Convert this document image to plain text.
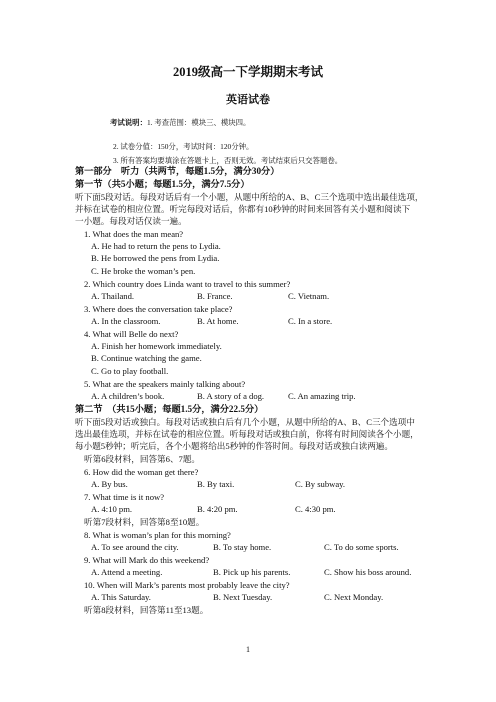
2019级高一下学期期末考试
英语试卷
考试说明：1. 考查范围：模块三、模块四。
2. 试卷分值：150分，考试时间：120分钟。
3. 所有答案均要填涂在答题卡上，否则无效。考试结束后只交答题卷。
第一部分　听力（共两节，每题1.5分，满分30分）
第一节（共5小题；每题1.5分，满分7.5分）
听下面5段对话。每段对话后有一个小题，从题中所给的A、B、C三个选项中选出最佳选项，
并标在试卷的相应位置。听完每段对话后，你都有10秒钟的时间来回答有关小题和阅读下
一小题。每段对话仅读一遍。
1. What does the man mean?
A. He had to return the pens to Lydia.
B. He borrowed the pens from Lydia.
C. He broke the woman’s pen.
2. Which country does Linda want to travel to this summer?
A. Thailand.	B. France.	C. Vietnam.
3. Where does the conversation take place?
A. In the classroom.	B. At home.	C. In a store.
4. What will Belle do next?
A. Finish her homework immediately.
B. Continue watching the game.
C. Go to play football.
5. What are the speakers mainly talking about?
A. A children’s book.	B. A story of a dog.	C. An amazing trip.
第二节　（共15小题；每题1.5分，满分22.5分）
听下面5段对话或独白。每段对话或独白后有几个小题，从题中所给的A、B、C三个选项中
选出最佳选项，并标在试卷的相应位置。听每段对话或独白前，你将有时间阅读各个小题，
每小题5秒钟；听完后，各个小题将给出5秒钟的作答时间。每段对话或独白读两遍。
听第6段材料，回答第6、7题。
6. How did the woman get there?
A. By bus.	B. By taxi.	C. By subway.
7. What time is it now?
A. 4:10 pm.	B. 4:20 pm.	C. 4:30 pm.
听第7段材料，回答第8至10题。
8. What is woman’s plan for this morning?
A. To see around the city.	B. To stay home.	C. To do some sports.
9. What will Mark do this weekend?
A. Attend a meeting.	B. Pick up his parents.	C. Show his boss around.
10. When will Mark’s parents most probably leave the city?
A. This Saturday.	B. Next Tuesday.	C. Next Monday.
听第8段材料，回答第11至13题。
1
